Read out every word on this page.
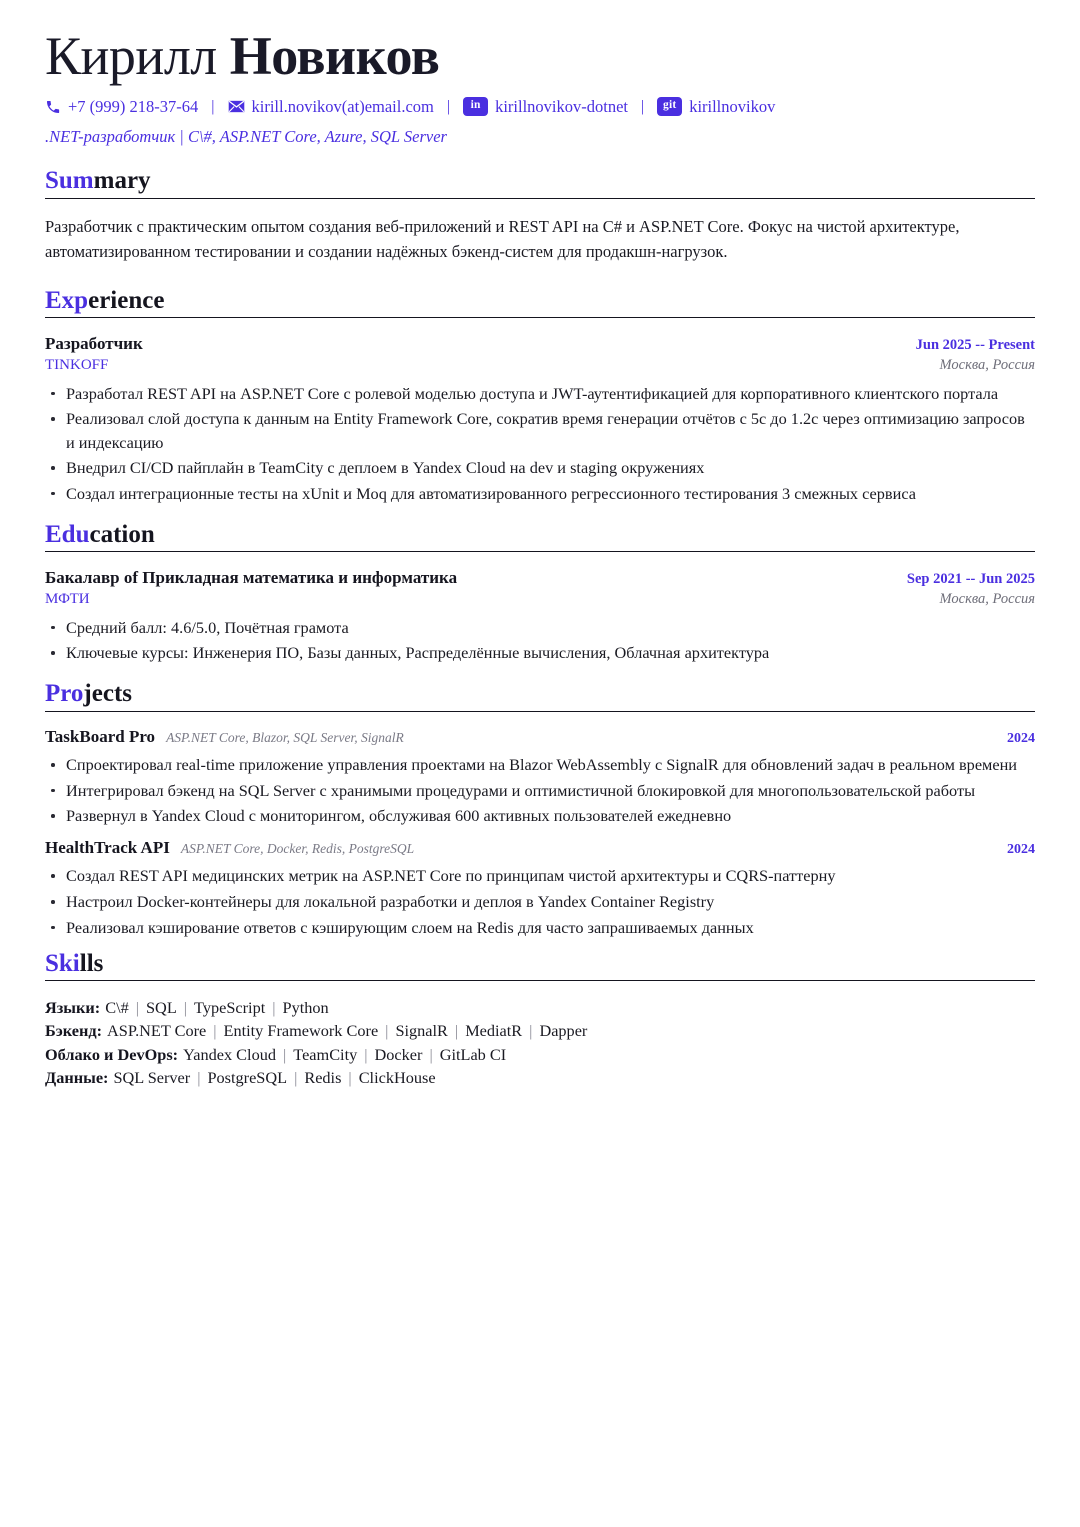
Кирилл Новиков
+7 (999) 218-37-64 | kirill.novikov(at)email.com |	in kirillnovikov-dotnet |	git kirillnovikov
.NET-разработчик | C\#, ASP.NET Core, Azure, SQL Server
Summary

Разработчик с практическим опытом создания веб-приложений и REST API на C# и ASP.NET Core. Фокус на чистой архитектуре, автоматизированном тестировании и создании надёжных бэкенд-систем для продакшн-нагрузок.

Experience
Разработчик	Jun 2025 -- Present
TINKOFF	Москва, Россия
Разработал REST API на ASP.NET Core с ролевой моделью доступа и JWT-аутентификацией для корпоративного клиентского портала
Реализовал слой доступа к данным на Entity Framework Core, сократив время генерации отчётов с 5с до 1.2с через оптимизацию запросов и индексацию
Внедрил CI/CD пайплайн в TeamCity с деплоем в Yandex Cloud на dev и staging окружениях
Создал интеграционные тесты на xUnit и Moq для автоматизированного регрессионного тестирования 3 смежных сервиса
Education
Бакалавр of Прикладная математика и информатика	Sep 2021 -- Jun 2025
МФТИ	Москва, Россия
Средний балл: 4.6/5.0, Почётная грамота
Ключевые курсы: Инженерия ПО, Базы данных, Распределённые вычисления, Облачная архитектура
Projects
TaskBoard Pro ASP.NET Core, Blazor, SQL Server, SignalR	2024
Спроектировал real-time приложение управления проектами на Blazor WebAssembly с SignalR для обновлений задач в реальном времени
Интегрировал бэкенд на SQL Server с хранимыми процедурами и оптимистичной блокировкой для многопользовательской работы
Развернул в Yandex Cloud с мониторингом, обслуживая 600 активных пользователей ежедневно
HealthTrack API ASP.NET Core, Docker, Redis, PostgreSQL	2024
Создал REST API медицинских метрик на ASP.NET Core по принципам чистой архитектуры и CQRS-паттерну
Настроил Docker-контейнеры для локальной разработки и деплоя в Yandex Container Registry
Реализовал кэширование ответов с кэширующим слоем на Redis для часто запрашиваемых данных
Skills
Языки: C\# | SQL | TypeScript | Python
Бэкенд: ASP.NET Core | Entity Framework Core | SignalR | MediatR | Dapper
Облако и DevOps: Yandex Cloud | TeamCity | Docker | GitLab CI
Данные: SQL Server | PostgreSQL | Redis | ClickHouse
